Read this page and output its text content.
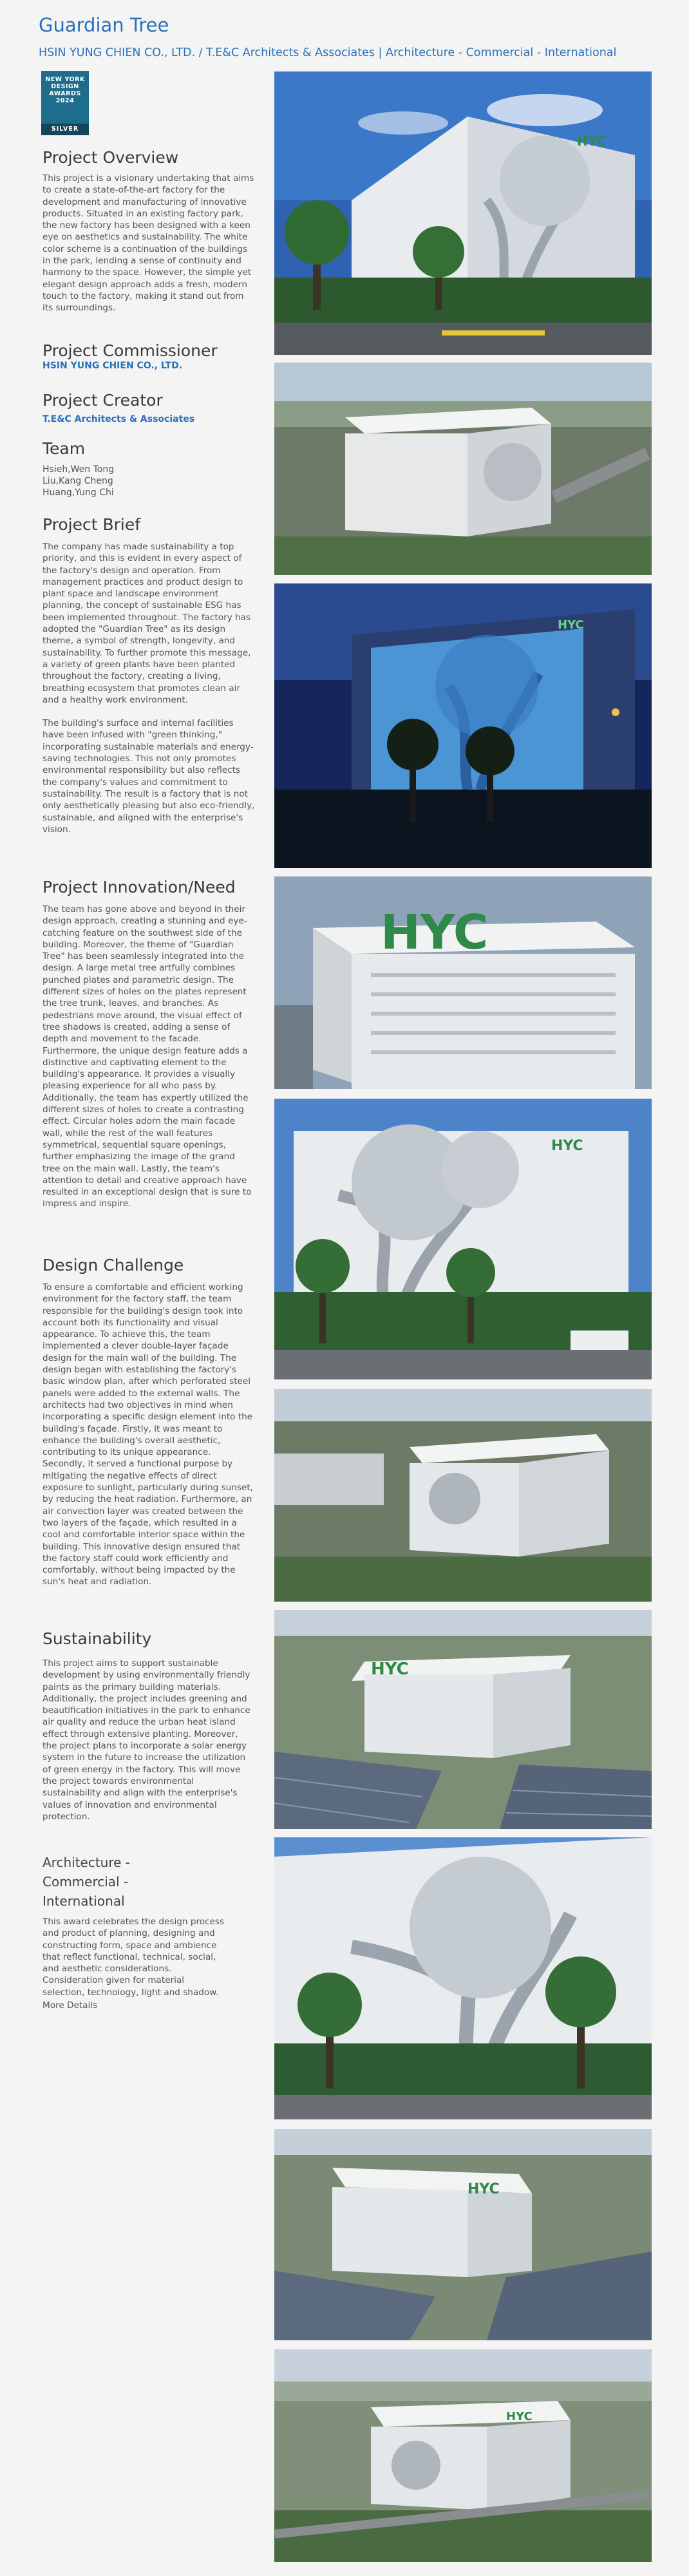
Guardian Tree
HSIN YUNG CHIEN CO., LTD. / T.E&C Architects & Associates | Architecture - Commercial - International
NEW YORK
DESIGN
AWARDS
2024
SILVER
Project Overview

This project is a visionary undertaking that aims to create a state-of-the-art factory for the development and manufacturing of innovative products. Situated in an existing factory park, the new factory has been designed with a keen eye on aesthetics and sustainability. The white color scheme is a continuation of the buildings in the park, lending a sense of continuity and harmony to the space. However, the simple yet elegant design approach adds a fresh, modern touch to the factory, making it stand out from its surroundings.

Project Commissioner
HSIN YUNG CHIEN CO., LTD.
Project Creator
T.E&C Architects & Associates
Team
Hsieh,Wen Tong
Liu,Kang Cheng
Huang,Yung Chi
Project Brief

The company has made sustainability a top priority, and this is evident in every aspect of the factory's design and operation. From management practices and product design to plant space and landscape environment planning, the concept of sustainable ESG has been implemented throughout. The factory has adopted the "Guardian Tree" as its design theme, a symbol of strength, longevity, and sustainability. To further promote this message, a variety of green plants have been planted throughout the factory, creating a living, breathing ecosystem that promotes clean air and a healthy work environment.

The building's surface and internal facilities have been infused with "green thinking," incorporating sustainable materials and energy-saving technologies. This not only promotes environmental responsibility but also reflects the company's values and commitment to sustainability. The result is a factory that is not only aesthetically pleasing but also eco-friendly, sustainable, and aligned with the enterprise's vision.

Project Innovation/Need

The team has gone above and beyond in their design approach, creating a stunning and eye-catching feature on the southwest side of the building. Moreover, the theme of "Guardian Tree" has been seamlessly integrated into the design. A large metal tree artfully combines punched plates and parametric design. The different sizes of holes on the plates represent the tree trunk, leaves, and branches. As pedestrians move around, the visual effect of tree shadows is created, adding a sense of depth and movement to the facade. Furthermore, the unique design feature adds a distinctive and captivating element to the building's appearance. It provides a visually pleasing experience for all who pass by. Additionally, the team has expertly utilized the different sizes of holes to create a contrasting effect. Circular holes adorn the main facade wall, while the rest of the wall features symmetrical, sequential square openings, further emphasizing the image of the grand tree on the main wall. Lastly, the team's attention to detail and creative approach have resulted in an exceptional design that is sure to impress and inspire.

Design Challenge

To ensure a comfortable and efficient working environment for the factory staff, the team responsible for the building's design took into account both its functionality and visual appearance. To achieve this, the team implemented a clever double-layer façade design for the main wall of the building. The design began with establishing the factory's basic window plan, after which perforated steel panels were added to the external walls. The architects had two objectives in mind when incorporating a specific design element into the building's façade. Firstly, it was meant to enhance the building's overall aesthetic, contributing to its unique appearance. Secondly, it served a functional purpose by mitigating the negative effects of direct exposure to sunlight, particularly during sunset, by reducing the heat radiation. Furthermore, an air convection layer was created between the two layers of the façade, which resulted in a cool and comfortable interior space within the building. This innovative design ensured that the factory staff could work efficiently and comfortably, without being impacted by the sun's heat and radiation.

Sustainability

This project aims to support sustainable development by using environmentally friendly paints as the primary building materials. Additionally, the project includes greening and beautification initiatives in the park to enhance air quality and reduce the urban heat island effect through extensive planting. Moreover, the project plans to incorporate a solar energy system in the future to increase the utilization of green energy in the factory. This will move the project towards environmental sustainability and align with the enterprise's values of innovation and environmental protection.

Architecture - Commercial - International

This award celebrates the design process and product of planning, designing and constructing form, space and ambience that reflect functional, technical, social, and aesthetic considerations. Consideration given for material selection, technology, light and shadow.

More Details
HYC
HYC
HYC
HYC
HYC
HYC
HYC
